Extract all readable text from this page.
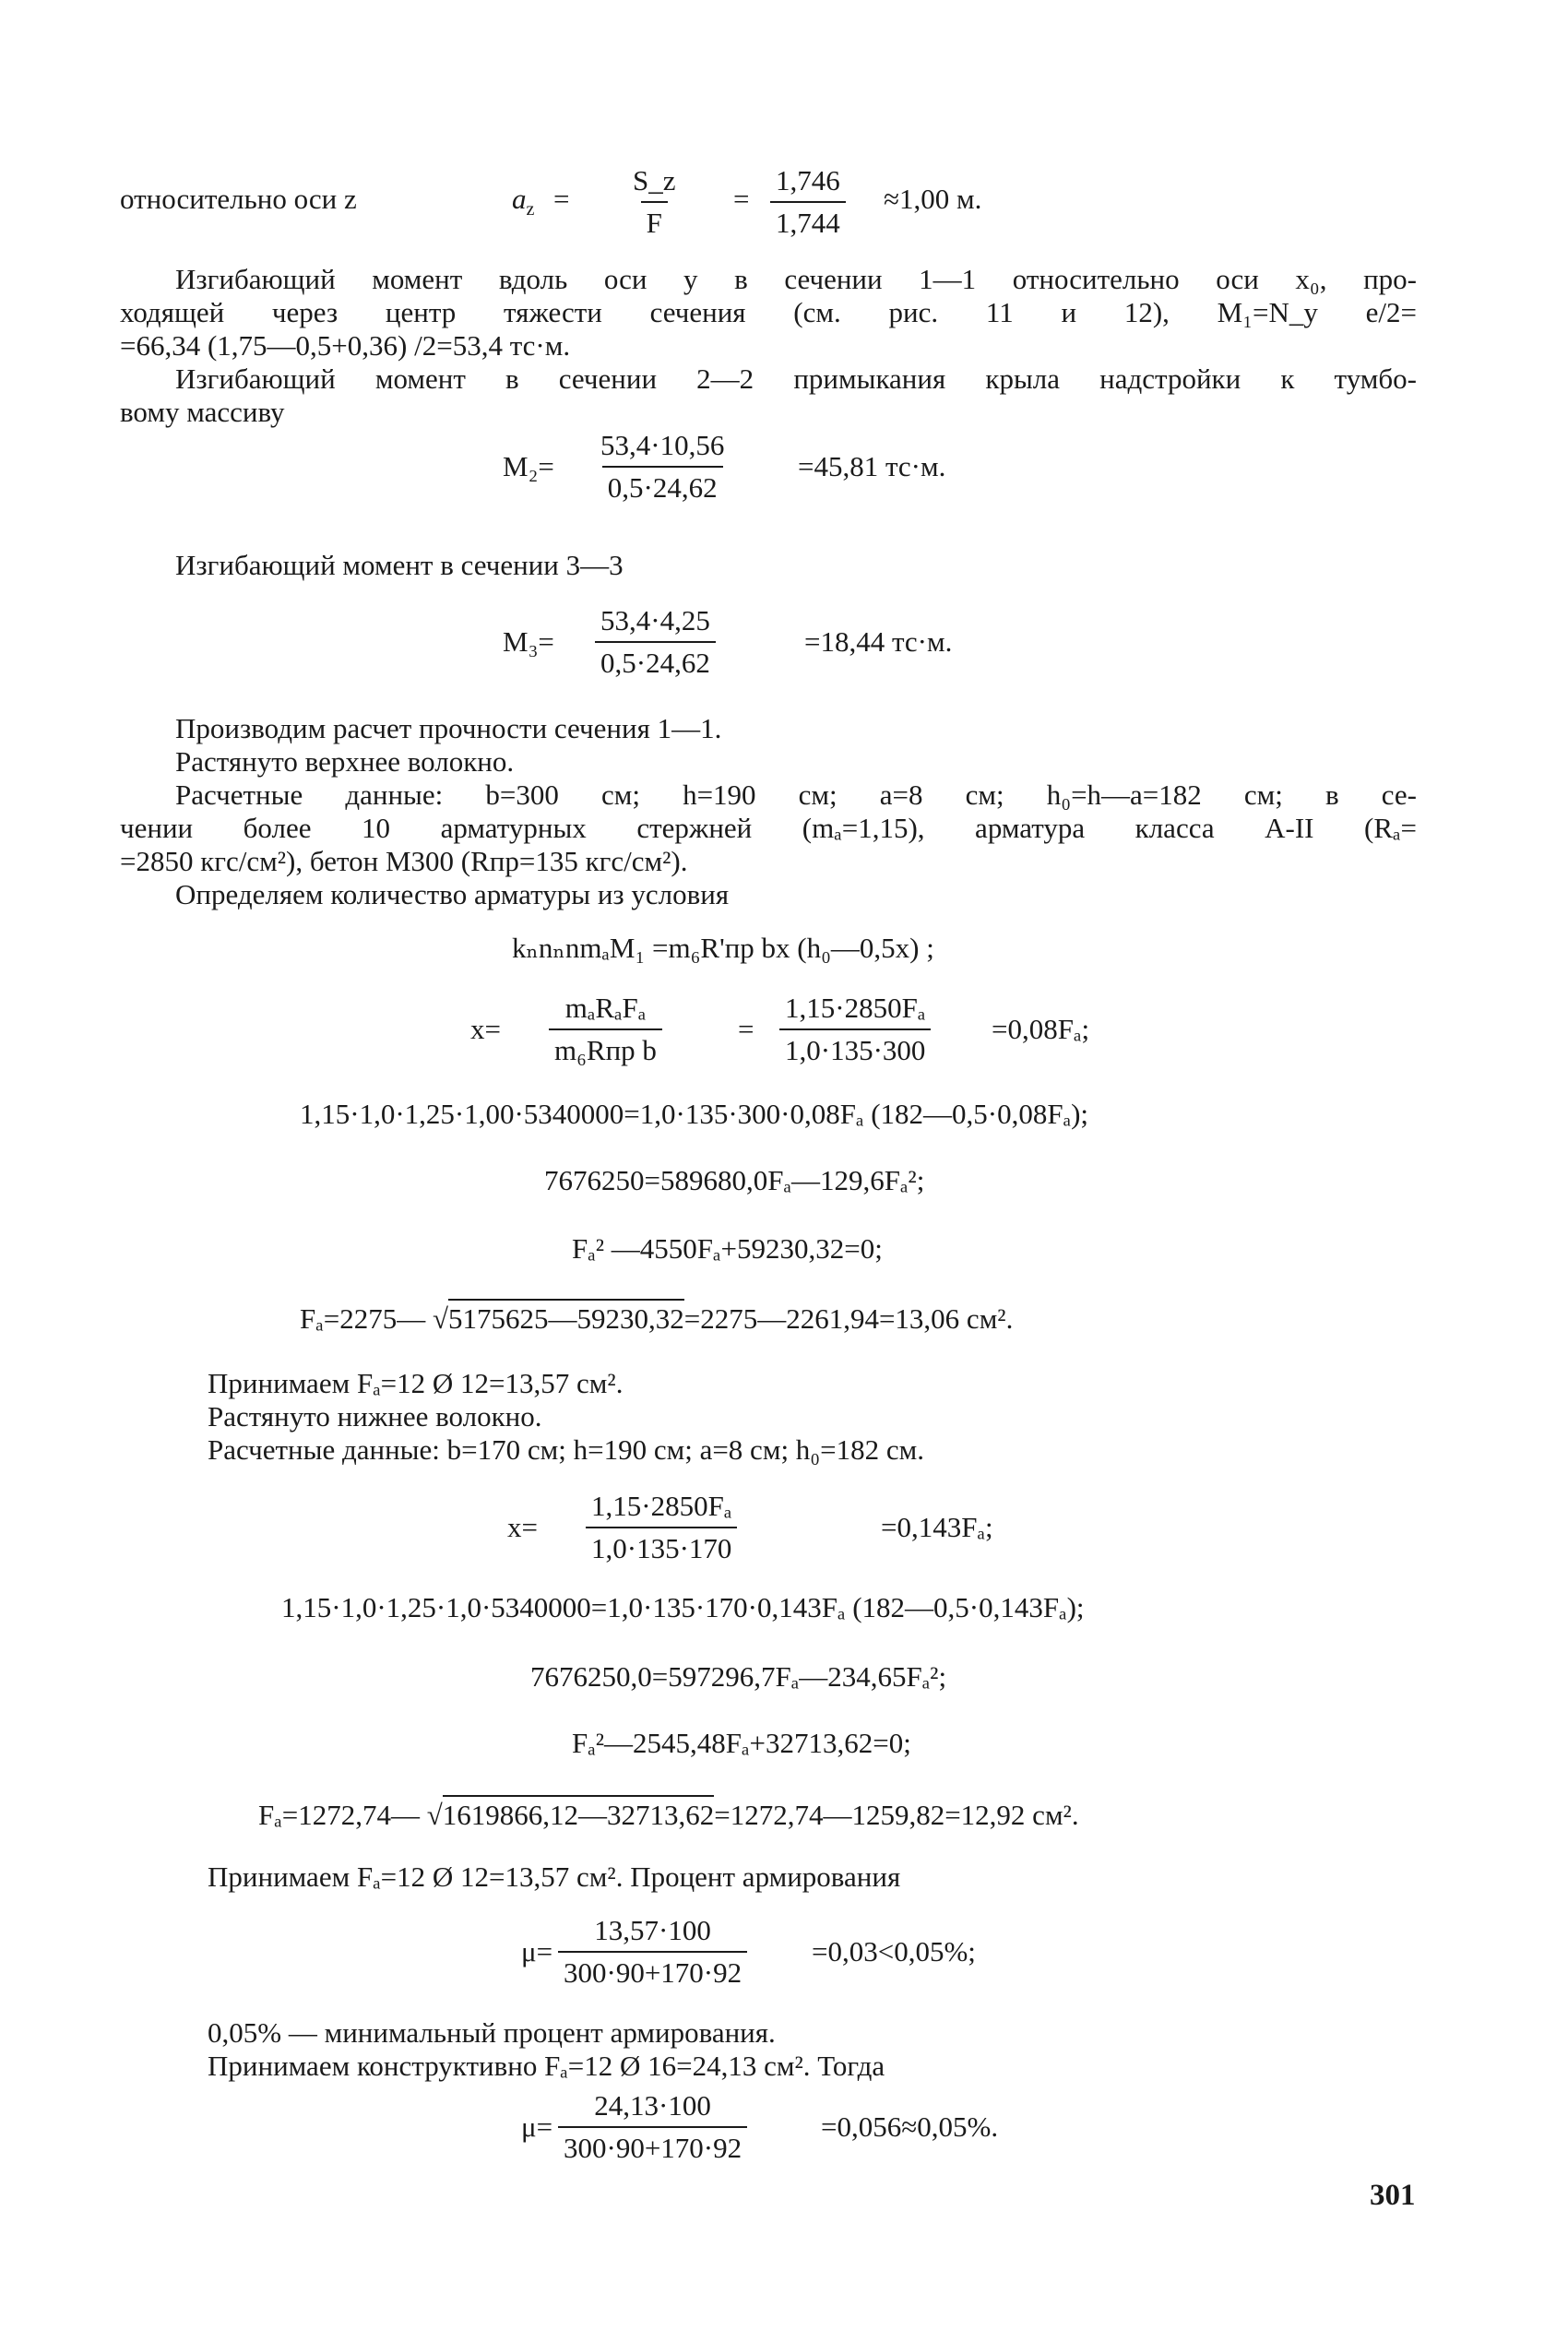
относительно оси z	$a_z = \frac{S\_z}{F} = \frac{1,746}{1,744} \approx 1,00$ м.
Изгибающий момент вдоль оси y в сечении 1—1 относительно оси x₀, про-
ходящей через центр тяжести сечения (см. рис. 11 и 12), M₁=N_y e/2=
=66,34 (1,75—0,5+0,36) /2=53,4 тс·м.
Изгибающий момент в сечении 2—2 примыкания крыла надстройки к тумбо-
вому массиву
$M_2= \frac{53,4\cdot 10,56}{0,5\cdot 24,62} =45,81$ тс·м.
Изгибающий момент в сечении 3—3
$M_3= \frac{53,4\cdot 4,25}{0,5\cdot 24,62}$	=18,44 тс·м.
Производим расчет прочности сечения 1—1.
Растянуто верхнее волокно.
Расчетные данные: b=300 см; h=190 см; a=8 см; h₀=h—a=182 см; в се-
чении более 10 арматурных стержней (mₐ=1,15), арматура класса А-II (Rₐ=
=2850 кгс/см²), бетон М300 (Rпр=135 кгс/см²).
Определяем количество арматуры из условия
kₙnₙnmₐM₁ =m₆R'пр bx (h₀—0,5x) ;
x=
mₐRₐFₐ
m₆Rпр b
= $\frac{\text{1,15·2850Fₐ}}{1,0\cdot 135\cdot 300} =0,08F_a$;
1,15·1,0·1,25·1,00·5340000=1,0·135·300·0,08Fₐ (182—0,5·0,08Fₐ);
7676250=589680,0Fₐ—129,6Fₐ²;
Fₐ² —4550Fₐ+59230,32=0;
Fₐ=2275— √5175625—59230,32=2275—2261,94=13,06 см².
Принимаем Fₐ=12 Ø 12=13,57 см².
Растянуто нижнее волокно.
Расчетные данные: b=170 см; h=190 см; a=8 см; h₀=182 см.
$x= \frac{\text{1,15·2850Fₐ}}{1,0\cdot 135\cdot 170}$	=0,143Fₐ;
1,15·1,0·1,25·1,0·5340000=1,0·135·170·0,143Fₐ (182—0,5·0,143Fₐ);
7676250,0=597296,7Fₐ—234,65Fₐ²;
Fₐ²—2545,48Fₐ+32713,62=0;
Fₐ=1272,74— √1619866,12—32713,62=1272,74—1259,82=12,92 см².
Принимаем Fₐ=12 Ø 12=13,57 см². Процент армирования
$\mu= \frac{13,57\cdot 100}{300\cdot 90+170\cdot 92} =0,03<0,05\%$;
0,05% — минимальный процент армирования.
Принимаем конструктивно Fₐ=12 Ø 16=24,13 см². Тогда
$\mu= \frac{24,13\cdot 100}{300\cdot 90+170\cdot 92}$	=0,056≈0,05%.
301
